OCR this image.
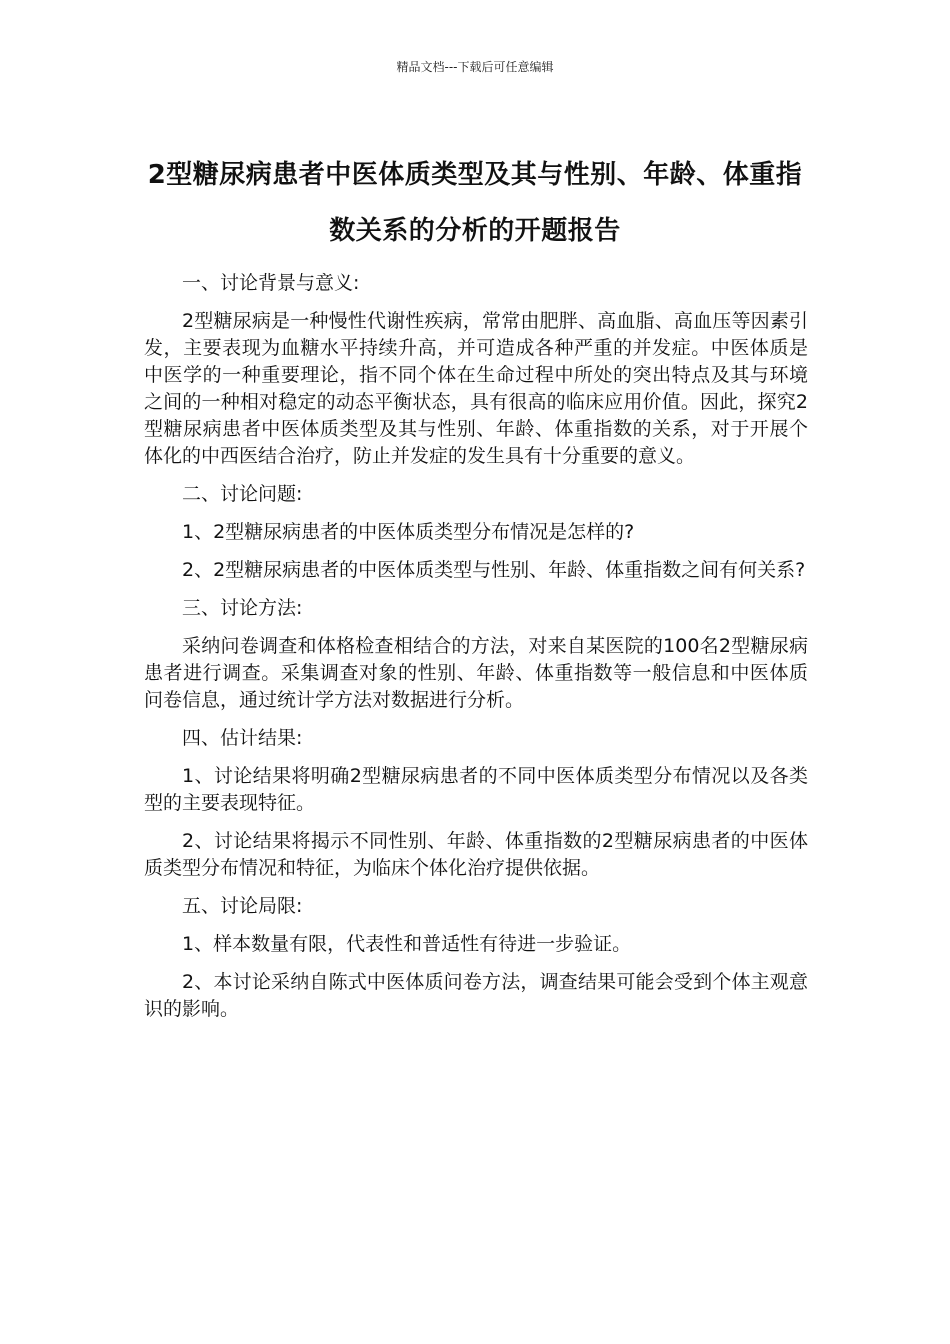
精品文档---下载后可任意编辑
2型糖尿病患者中医体质类型及其与性别、年龄、体重指数关系的分析的开题报告

一、讨论背景与意义:

2型糖尿病是一种慢性代谢性疾病，常常由肥胖、高血脂、高血压等因素引发，主要表现为血糖水平持续升高，并可造成各种严重的并发症。中医体质是中医学的一种重要理论，指不同个体在生命过程中所处的突出特点及其与环境之间的一种相对稳定的动态平衡状态，具有很高的临床应用价值。因此，探究2型糖尿病患者中医体质类型及其与性别、年龄、体重指数的关系，对于开展个体化的中西医结合治疗，防止并发症的发生具有十分重要的意义。

二、讨论问题:

1、2型糖尿病患者的中医体质类型分布情况是怎样的?

2、2型糖尿病患者的中医体质类型与性别、年龄、体重指数之间有何关系?

三、讨论方法:

采纳问卷调查和体格检查相结合的方法，对来自某医院的100名2型糖尿病患者进行调查。采集调查对象的性别、年龄、体重指数等一般信息和中医体质问卷信息，通过统计学方法对数据进行分析。

四、估计结果:

1、讨论结果将明确2型糖尿病患者的不同中医体质类型分布情况以及各类型的主要表现特征。

2、讨论结果将揭示不同性别、年龄、体重指数的2型糖尿病患者的中医体质类型分布情况和特征，为临床个体化治疗提供依据。

五、讨论局限:

1、样本数量有限，代表性和普适性有待进一步验证。

2、本讨论采纳自陈式中医体质问卷方法，调查结果可能会受到个体主观意识的影响。
